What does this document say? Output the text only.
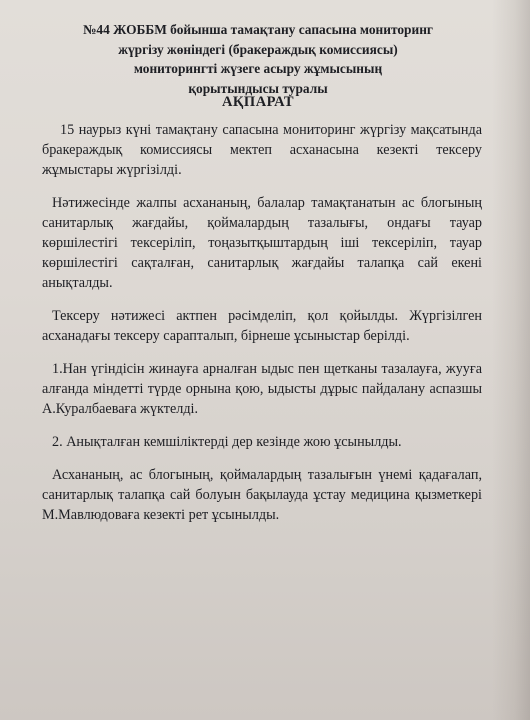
№44 ЖОББМ бойынша тамақтану сапасына мониторинг
жүргізу жөніндегі (бракераждық комиссиясы)
мониторингті жүзеге асыру жұмысының
қорытындысы туралы
АҚПАРАТ

15 наурыз күні тамақтану сапасына мониторинг жүргізу мақсатында бракераждық комиссиясы мектеп асханасына кезекті тексеру жұмыстары жүргізілді.

Нәтижесінде жалпы асхананың, балалар тамақтанатын ас блогының санитарлық жағдайы, қоймалардың тазалығы, ондағы тауар көршілестігі тексеріліп, тоңазытқыштардың іші тексеріліп, тауар көршілестігі сақталған, санитарлық жағдайы талапқа сай екені анықталды.

Тексеру нәтижесі актпен рәсімделіп, қол қойылды. Жүргізілген асханадағы тексеру сарапталып, бірнеше ұсыныстар берілді.

1.Нан үгіндісін жинауға арналған ыдыс пен щетканы тазалауға, жууға алғанда міндетті түрде орнына қою, ыдысты дұрыс пайдалану аспазшы А.Куралбаеваға жүктелді.

2. Анықталған кемшіліктерді дер кезінде жою ұсынылды.

Асхананың, ас блогының, қоймалардың тазалығын үнемі қадағалап, санитарлық талапқа сай болуын бақылауда ұстау медицина қызметкері М.Мавлюдоваға кезекті рет ұсынылды.
